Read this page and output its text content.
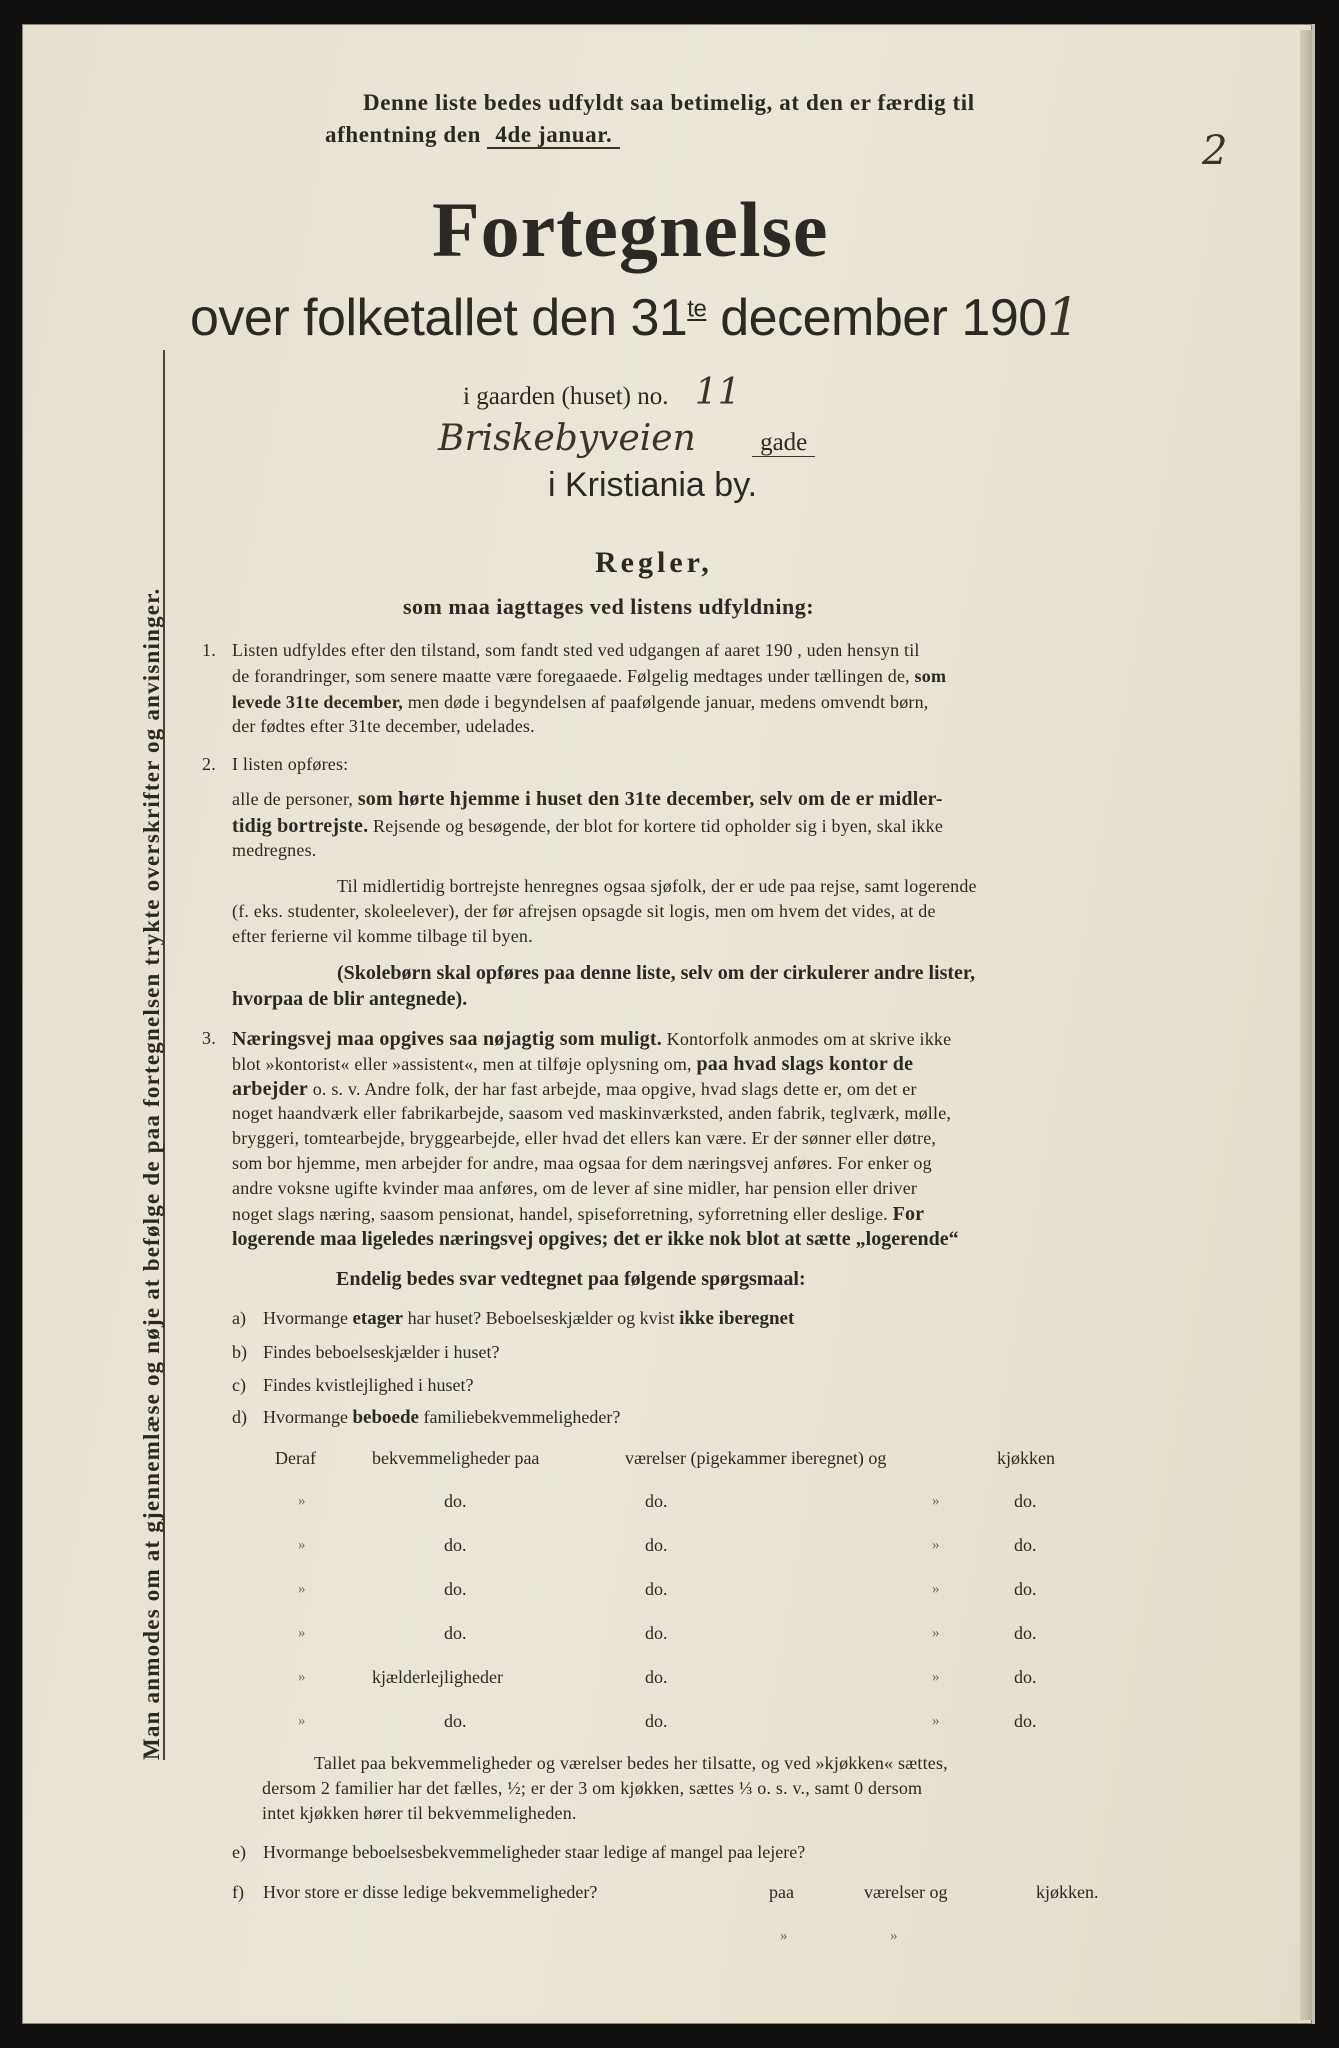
Man anmodes om at gjennemlæse og nøje at befølge de paa fortegnelsen trykte overskrifter og anvisninger.
Denne liste bedes udfyldt saa betimelig, at den er færdig til
afhentning den 4de januar.	2
Fortegnelse
over folketallet den $31^{te}$ december 1901
i gaarden (huset) no. 11
Briskebyveien	gade
i Kristiania by.
Regler,
som maa iagttages ved listens udfyldning:
1. Listen udfyldes efter den tilstand, som fandt sted ved udgangen af aaret 190 , uden hensyn til
de forandringer, som senere maatte være foregaaede. Følgelig medtages under tællingen de, som
levede 31te december, men døde i begyndelsen af paafølgende januar, medens omvendt børn,
der fødtes efter 31te december, udelades.
2. I listen opføres:
alle de personer, som hørte hjemme i huset den 31te december, selv om de er midler-
tidig bortrejste. Rejsende og besøgende, der blot for kortere tid opholder sig i byen, skal ikke
medregnes.
Til midlertidig bortrejste henregnes ogsaa sjøfolk, der er ude paa rejse, samt logerende
(f. eks. studenter, skoleelever), der før afrejsen opsagde sit logis, men om hvem det vides, at de
efter ferierne vil komme tilbage til byen.
(Skolebørn skal opføres paa denne liste, selv om der cirkulerer andre lister,
hvorpaa de blir antegnede).
3. Næringsvej maa opgives saa nøjagtig som muligt. Kontorfolk anmodes om at skrive ikke
blot »kontorist« eller »assistent«, men at tilføje oplysning om, paa hvad slags kontor de
arbejder o. s. v. Andre folk, der har fast arbejde, maa opgive, hvad slags dette er, om det er
noget haandværk eller fabrikarbejde, saasom ved maskinværksted, anden fabrik, teglværk, mølle,
bryggeri, tomtearbejde, bryggearbejde, eller hvad det ellers kan være. Er der sønner eller døtre,
som bor hjemme, men arbejder for andre, maa ogsaa for dem næringsvej anføres. For enker og
andre voksne ugifte kvinder maa anføres, om de lever af sine midler, har pension eller driver
noget slags næring, saasom pensionat, handel, spiseforretning, syforretning eller deslige. For
logerende maa ligeledes næringsvej opgives; det er ikke nok blot at sætte „logerende“
Endelig bedes svar vedtegnet paa følgende spørgsmaal:
a) Hvormange etager har huset? Beboelseskjælder og kvist ikke iberegnet
b) Findes beboelseskjælder i huset?
c) Findes kvistlejlighed i huset?
d) Hvormange beboede familiebekvemmeligheder?
Deraf	bekvemmeligheder paa	værelser (pigekammer iberegnet) og	kjøkken
»	do.	do.	»	do.
»	do.	do.	»	do.
»	do.	do.	»	do.
»	do.	do.	»	do.
»	kjælderlejligheder	do.	»	do.
»	do.	do.	»	do.
Tallet paa bekvemmeligheder og værelser bedes her tilsatte, og ved »kjøkken« sættes,
dersom 2 familier har det fælles, ½; er der 3 om kjøkken, sættes ⅓ o. s. v., samt 0 dersom
intet kjøkken hører til bekvemmeligheden.
e) Hvormange beboelsesbekvemmeligheder staar ledige af mangel paa lejere?
f) Hvor store er disse ledige bekvemmeligheder?	paa	værelser og	kjøkken.
»	»
